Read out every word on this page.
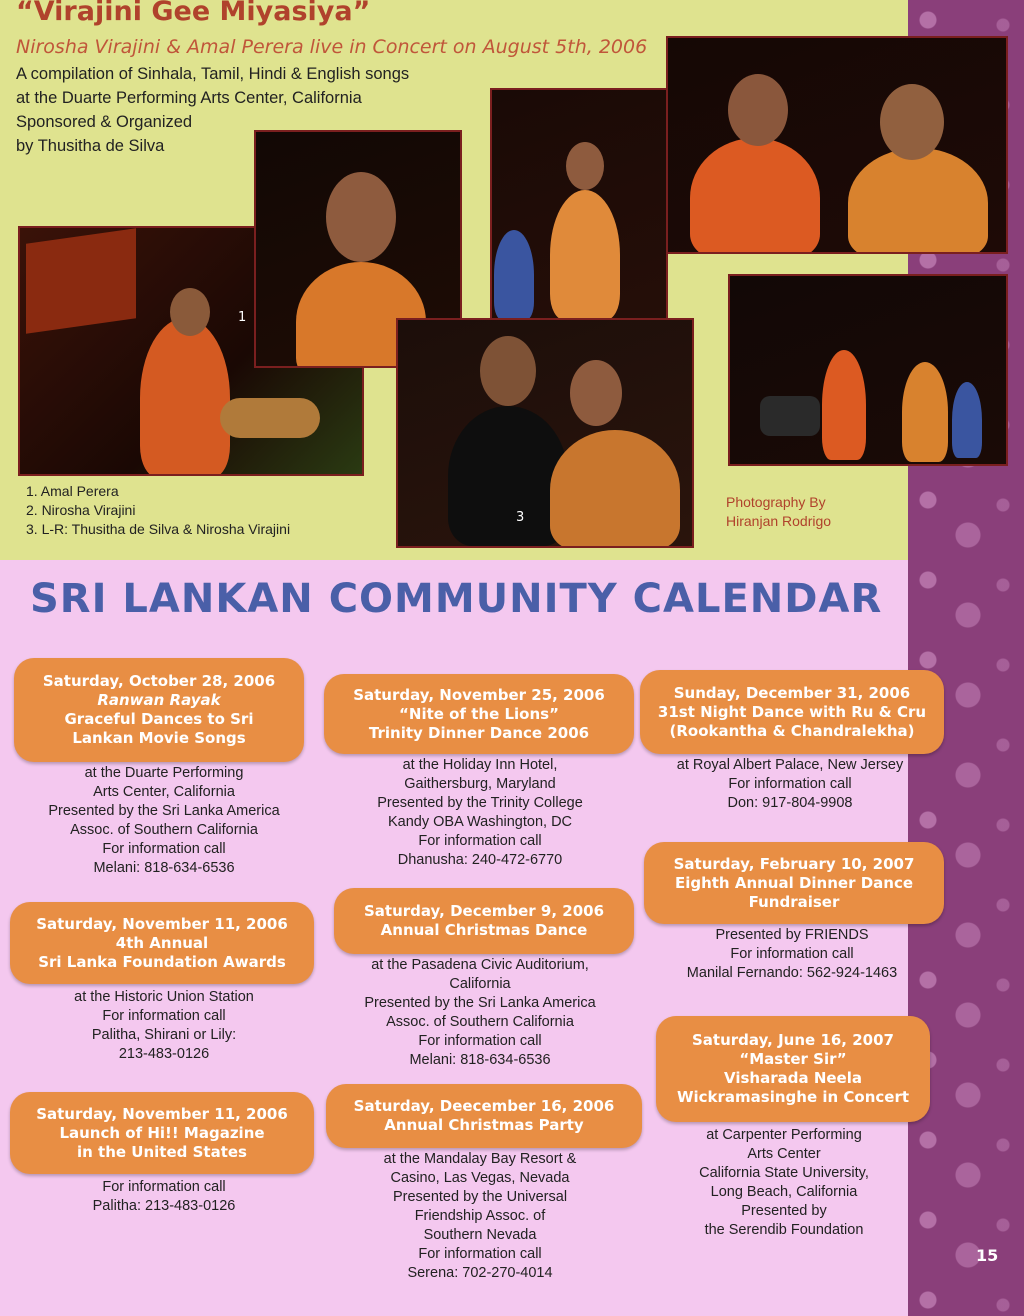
“Virajini Gee Miyasiya”
Nirosha Virajini & Amal Perera live in Concert on August 5th, 2006
A compilation of Sinhala, Tamil, Hindi & English songs
at the Duarte Performing Arts Center, California
Sponsored & Organized
by Thusitha de Silva
1
3
1. Amal Perera
2. Nirosha Virajini
3. L-R: Thusitha de Silva & Nirosha Virajini
Photography By
Hiranjan Rodrigo
SRI LANKAN COMMUNITY CALENDAR
Saturday, October 28, 2006
Ranwan Rayak
Graceful Dances to Sri
Lankan Movie Songs
at the Duarte Performing
Arts Center, California
Presented by the Sri Lanka America
Assoc. of Southern California
For information call
Melani: 818-634-6536
Saturday, November 11, 2006
4th Annual
Sri Lanka Foundation Awards
at the Historic Union Station
For information call
Palitha, Shirani or Lily:
213-483-0126
Saturday, November 11, 2006
Launch of Hi!! Magazine
in the United States
For information call
Palitha: 213-483-0126
Saturday, November 25, 2006
“Nite of the Lions”
Trinity Dinner Dance 2006
at the Holiday Inn Hotel,
Gaithersburg, Maryland
Presented by the Trinity College
Kandy OBA Washington, DC
For information call
Dhanusha: 240-472-6770
Saturday, December 9, 2006
Annual Christmas Dance
at the Pasadena Civic Auditorium,
California
Presented by the Sri Lanka America
Assoc. of Southern California
For information call
Melani: 818-634-6536
Saturday, Deecember 16, 2006
Annual Christmas Party
at the Mandalay Bay Resort &
Casino, Las Vegas, Nevada
Presented by the Universal
Friendship Assoc. of
Southern Nevada
For information call
Serena: 702-270-4014
Sunday, December 31, 2006
31st Night Dance with Ru & Cru
(Rookantha & Chandralekha)
at Royal Albert Palace, New Jersey
For information call
Don: 917-804-9908
Saturday, February 10, 2007
Eighth Annual Dinner Dance
Fundraiser
Presented by FRIENDS
For information call
Manilal Fernando: 562-924-1463
Saturday, June 16, 2007
“Master Sir”
Visharada Neela
Wickramasinghe in Concert
at Carpenter Performing
Arts Center
California State University,
Long Beach, California
Presented by
the Serendib Foundation
15
